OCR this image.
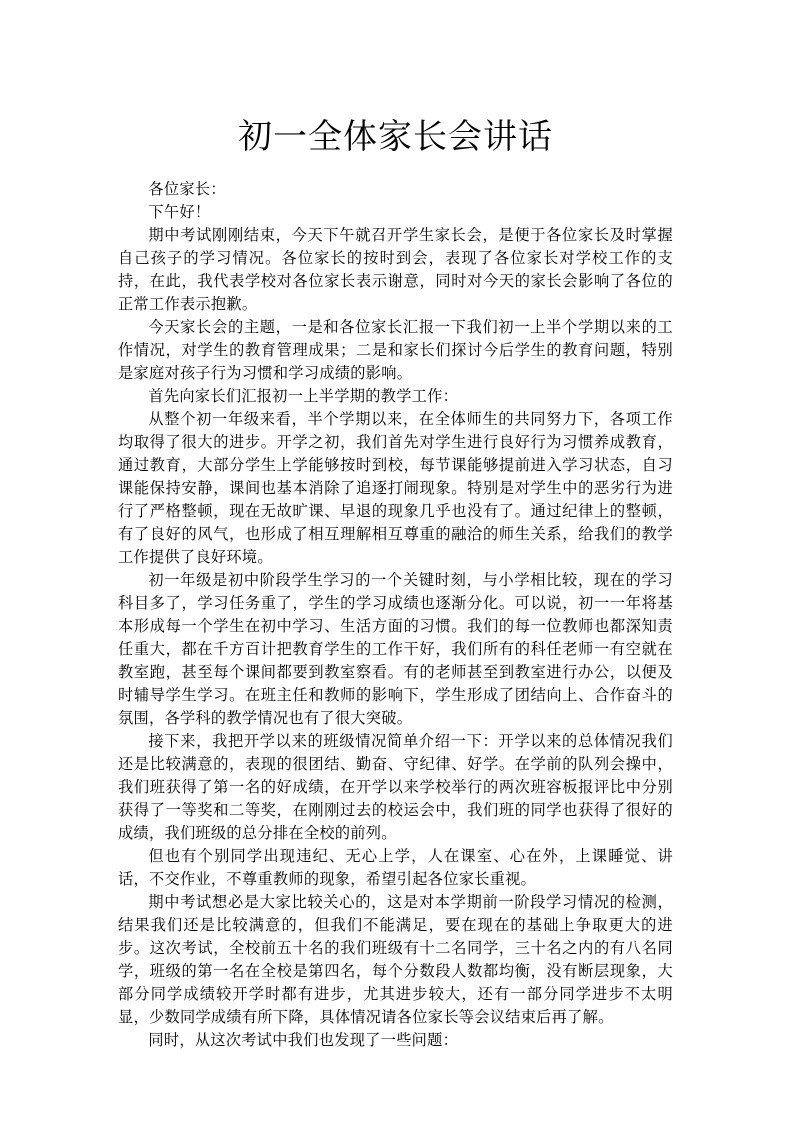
初一全体家长会讲话

各位家长：

下午好！

期中考试刚刚结束，今天下午就召开学生家长会，是便于各位家长及时掌握自己孩子的学习情况。各位家长的按时到会，表现了各位家长对学校工作的支持，在此，我代表学校对各位家长表示谢意，同时对今天的家长会影响了各位的正常工作表示抱歉。

今天家长会的主题，一是和各位家长汇报一下我们初一上半个学期以来的工作情况，对学生的教育管理成果；二是和家长们探讨今后学生的教育问题，特别是家庭对孩子行为习惯和学习成绩的影响。

首先向家长们汇报初一上半学期的教学工作：

从整个初一年级来看，半个学期以来，在全体师生的共同努力下，各项工作均取得了很大的进步。开学之初，我们首先对学生进行良好行为习惯养成教育，通过教育，大部分学生上学能够按时到校，每节课能够提前进入学习状态，自习课能保持安静，课间也基本消除了追逐打闹现象。特别是对学生中的恶劣行为进行了严格整顿，现在无故旷课、早退的现象几乎也没有了。通过纪律上的整顿，有了良好的风气，也形成了相互理解相互尊重的融洽的师生关系，给我们的教学工作提供了良好环境。

初一年级是初中阶段学生学习的一个关键时刻，与小学相比较，现在的学习科目多了，学习任务重了，学生的学习成绩也逐渐分化。可以说，初一一年将基本形成每一个学生在初中学习、生活方面的习惯。我们的每一位教师也都深知责任重大，都在千方百计把教育学生的工作干好，我们所有的科任老师一有空就在教室跑，甚至每个课间都要到教室察看。有的老师甚至到教室进行办公，以便及时辅导学生学习。在班主任和教师的影响下，学生形成了团结向上、合作奋斗的氛围，各学科的教学情况也有了很大突破。

接下来，我把开学以来的班级情况简单介绍一下：开学以来的总体情况我们还是比较满意的，表现的很团结、勤奋、守纪律、好学。在学前的队列会操中，我们班获得了第一名的好成绩，在开学以来学校举行的两次班容板报评比中分别获得了一等奖和二等奖，在刚刚过去的校运会中，我们班的同学也获得了很好的成绩，我们班级的总分排在全校的前列。

但也有个别同学出现违纪、无心上学，人在课室、心在外，上课睡觉、讲话，不交作业，不尊重教师的现象，希望引起各位家长重视。

期中考试想必是大家比较关心的，这是对本学期前一阶段学习情况的检测，结果我们还是比较满意的，但我们不能满足，要在现在的基础上争取更大的进步。这次考试，全校前五十名的我们班级有十二名同学，三十名之内的有八名同学，班级的第一名在全校是第四名，每个分数段人数都均衡，没有断层现象，大部分同学成绩较开学时都有进步，尤其进步较大，还有一部分同学进步不太明显，少数同学成绩有所下降，具体情况请各位家长等会议结束后再了解。

同时，从这次考试中我们也发现了一些问题：
